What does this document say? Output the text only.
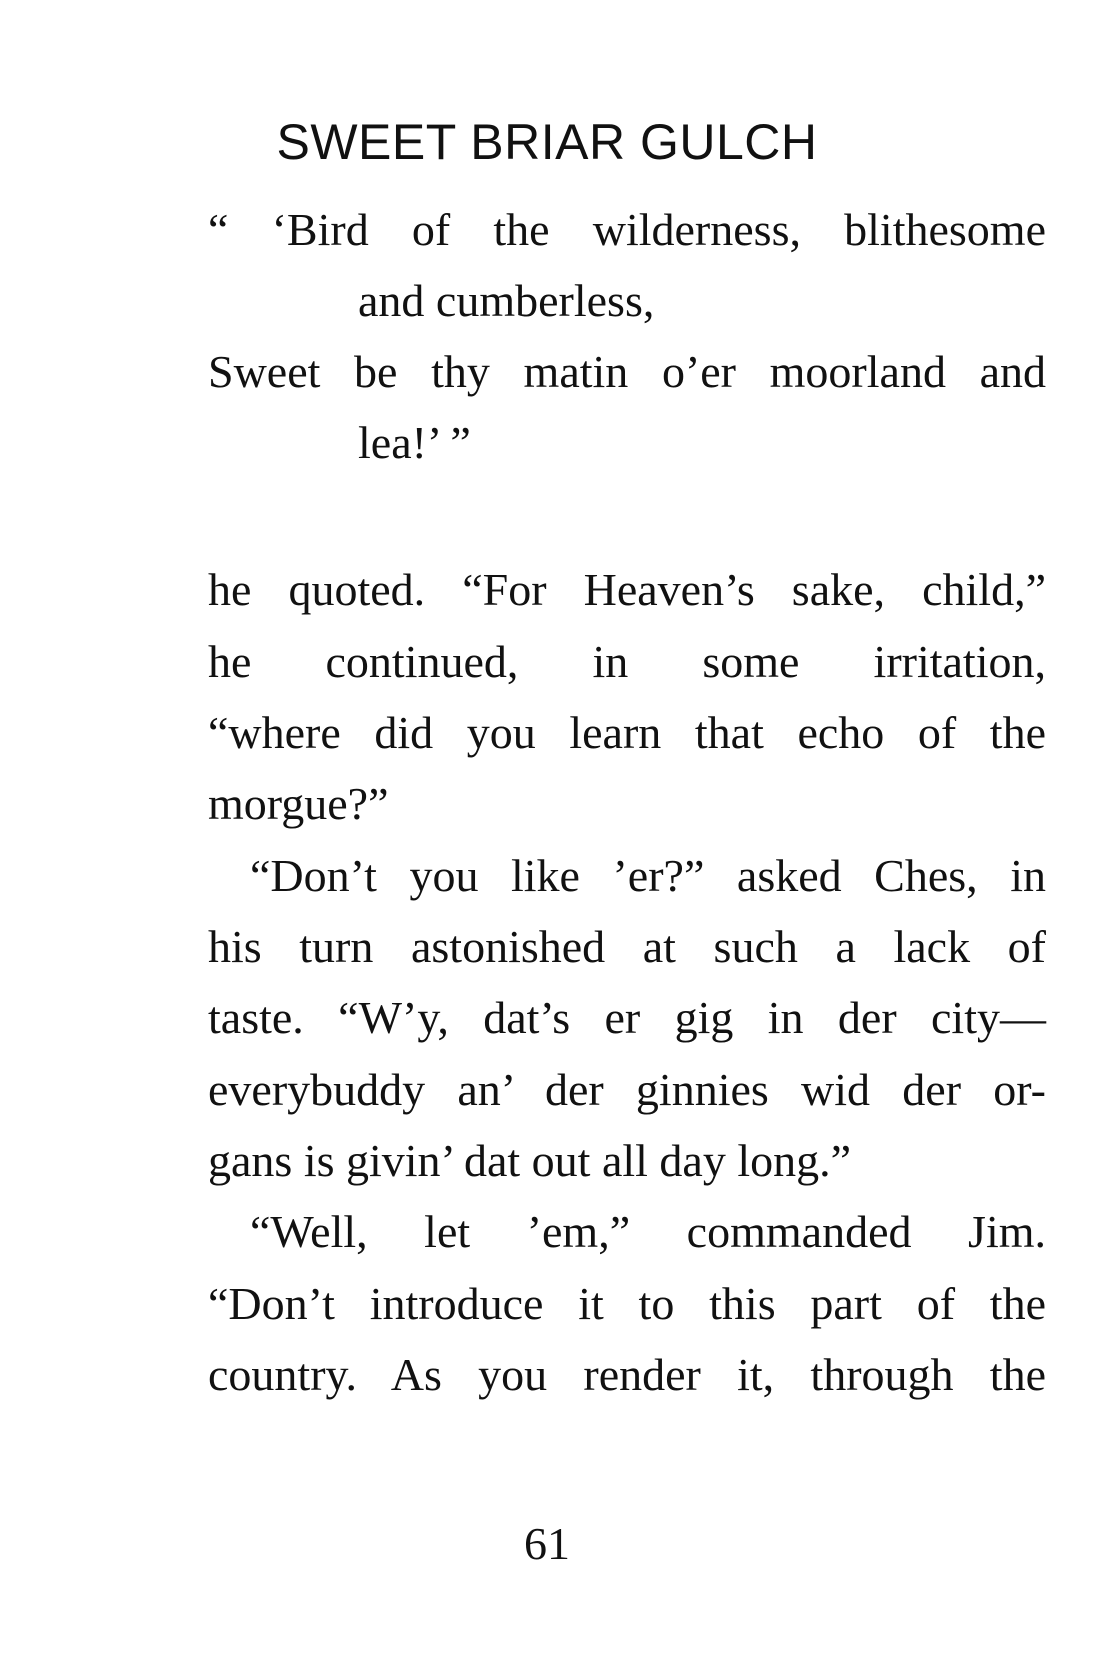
SWEET BRIAR GULCH
“ ‘Bird of the wilderness, blithesome
and cumberless,
Sweet be thy matin o’er moorland and
lea!’ ”
he quoted. “For Heaven’s sake, child,”
he continued, in some irritation,
“where did you learn that echo of the
morgue?”
“Don’t you like ’er?” asked Ches, in
his turn astonished at such a lack of
taste. “W’y, dat’s er gig in der city—
everybuddy an’ der ginnies wid der or-
gans is givin’ dat out all day long.”
“Well, let ’em,” commanded Jim.
“Don’t introduce it to this part of the
country. As you render it, through the
61
